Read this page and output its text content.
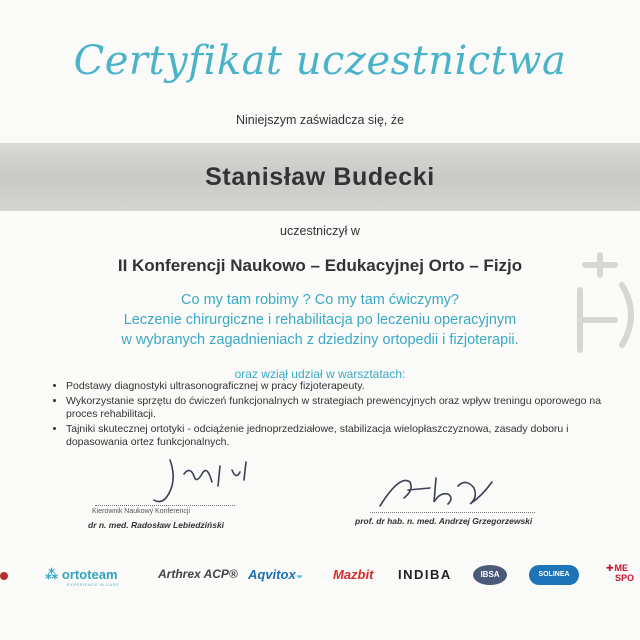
Certyfikat uczestnictwa
Niniejszym zaświadcza się, że
Stanisław Budecki
uczestniczył w
II Konferencji Naukowo – Edukacyjnej Orto – Fizjo
Co my tam robimy ? Co my tam ćwiczymy?
Leczenie chirurgiczne i rehabilitacja po leczeniu operacyjnym
w wybranych zagadnieniach z dziedziny ortopedii i fizjoterapii.
oraz wziął udział w warsztatach:
• Podstawy diagnostyki ultrasonograficznej w pracy fizjoterapeuty.
• Wykorzystanie sprzętu do ćwiczeń funkcjonalnych w strategiach prewencyjnych oraz wpływ treningu oporowego na proces rehabilitacji.
• Tajniki skutecznej ortotyki - odciążenie jednoprzedziałowe, stabilizacja wielopłaszczyznowa, zasady doboru i dopasowania ortez funkcjonalnych.
Kierownik Naukowy Konferencji
dr n. med. Radosław Lebiedziński	prof. dr hab. n. med. Andrzej Grzegorzewski
⁂ ortoteam
EXPERIENCE IN CARE
Arthrex ACP® Aqvitox◒ Mazbit INDIBA	IBSA	SOLINEA
✚ME
SPO
